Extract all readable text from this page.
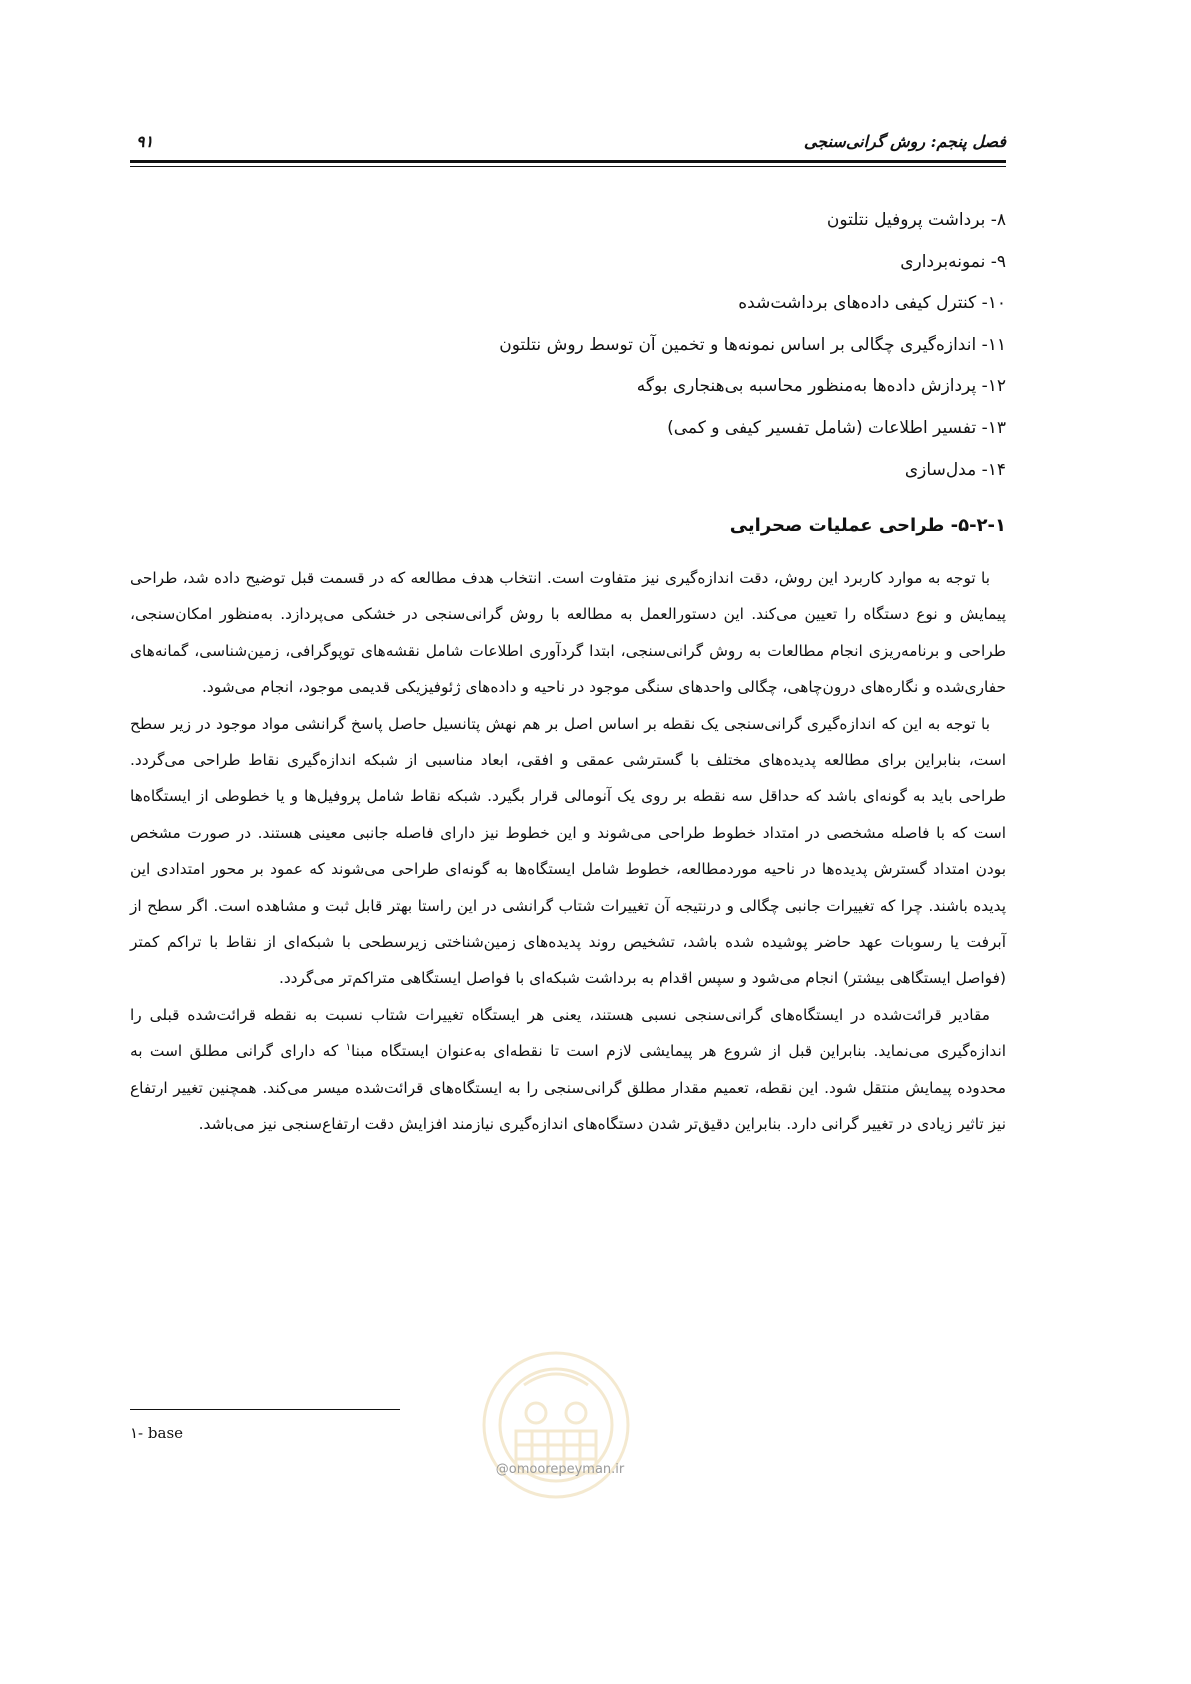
فصل پنجم: روش گرانی‌سنجی
۹۱
۸- برداشت پروفیل نتلتون
۹- نمونه‌برداری
۱۰- کنترل کیفی داده‌های برداشت‌شده
۱۱- اندازه‌گیری چگالی بر اساس نمونه‌ها و تخمین آن توسط روش نتلتون
۱۲- پردازش داده‌ها به‌منظور محاسبه بی‌هنجاری بوگه
۱۳- تفسیر اطلاعات (شامل تفسیر کیفی و کمی)
۱۴- مدل‌سازی
۵-۲-۱- طراحی عملیات صحرایی

با توجه به موارد کاربرد این روش، دقت اندازه‌گیری نیز متفاوت است. انتخاب هدف مطالعه که در قسمت قبل توضیح داده شد، طراحی پیمایش و نوع دستگاه را تعیین می‌کند. این دستورالعمل به مطالعه با روش گرانی‌سنجی در خشکی می‌پردازد. به‌منظور امکان‌سنجی، طراحی و برنامه‌ریزی انجام مطالعات به روش گرانی‌سنجی، ابتدا گردآوری اطلاعات شامل نقشه‌های توپوگرافی، زمین‌شناسی، گمانه‌های حفاری‌شده و نگاره‌های درون‌چاهی، چگالی واحدهای سنگی موجود در ناحیه و داده‌های ژئوفیزیکی قدیمی موجود، انجام می‌شود.

با توجه به این که اندازه‌گیری گرانی‌سنجی یک نقطه بر اساس اصل بر هم نهش پتانسیل حاصل پاسخ گرانشی مواد موجود در زیر سطح است، بنابراین برای مطالعه پدیده‌های مختلف با گسترشی عمقی و افقی، ابعاد مناسبی از شبکه اندازه‌گیری نقاط طراحی می‌گردد. طراحی باید به گونه‌ای باشد که حداقل سه نقطه بر روی یک آنومالی قرار بگیرد. شبکه نقاط شامل پروفیل‌ها و یا خطوطی از ایستگاه‌ها است که با فاصله مشخصی در امتداد خطوط طراحی می‌شوند و این خطوط نیز دارای فاصله جانبی معینی هستند. در صورت مشخص بودن امتداد گسترش پدیده‌ها در ناحیه موردمطالعه، خطوط شامل ایستگاه‌ها به گونه‌ای طراحی می‌شوند که عمود بر محور امتدادی این پدیده باشند. چرا که تغییرات جانبی چگالی و درنتیجه آن تغییرات شتاب گرانشی در این راستا بهتر قابل ثبت و مشاهده است. اگر سطح از آبرفت یا رسوبات عهد حاضر پوشیده شده باشد، تشخیص روند پدیده‌های زمین‌شناختی زیرسطحی با شبکه‌ای از نقاط با تراکم کمتر (فواصل ایستگاهی بیشتر) انجام می‌شود و سپس اقدام به برداشت شبکه‌ای با فواصل ایستگاهی متراکم‌تر می‌گردد.

مقادیر قرائت‌شده در ایستگاه‌های گرانی‌سنجی نسبی هستند، یعنی هر ایستگاه تغییرات شتاب نسبت به نقطه قرائت‌شده قبلی را اندازه‌گیری می‌نماید. بنابراین قبل از شروع هر پیمایشی لازم است تا نقطه‌ای به‌عنوان ایستگاه مبنا$^۱$ که دارای گرانی مطلق است به محدوده پیمایش منتقل شود. این نقطه، تعمیم مقدار مطلق گرانی‌سنجی را به ایستگاه‌های قرائت‌شده میسر می‌کند. همچنین تغییر ارتفاع نیز تاثیر زیادی در تغییر گرانی دارد. بنابراین دقیق‌تر شدن دستگاه‌های اندازه‌گیری نیازمند افزایش دقت ارتفاع‌سنجی نیز می‌باشد.

۱- base
@omoorepeyman.ir
